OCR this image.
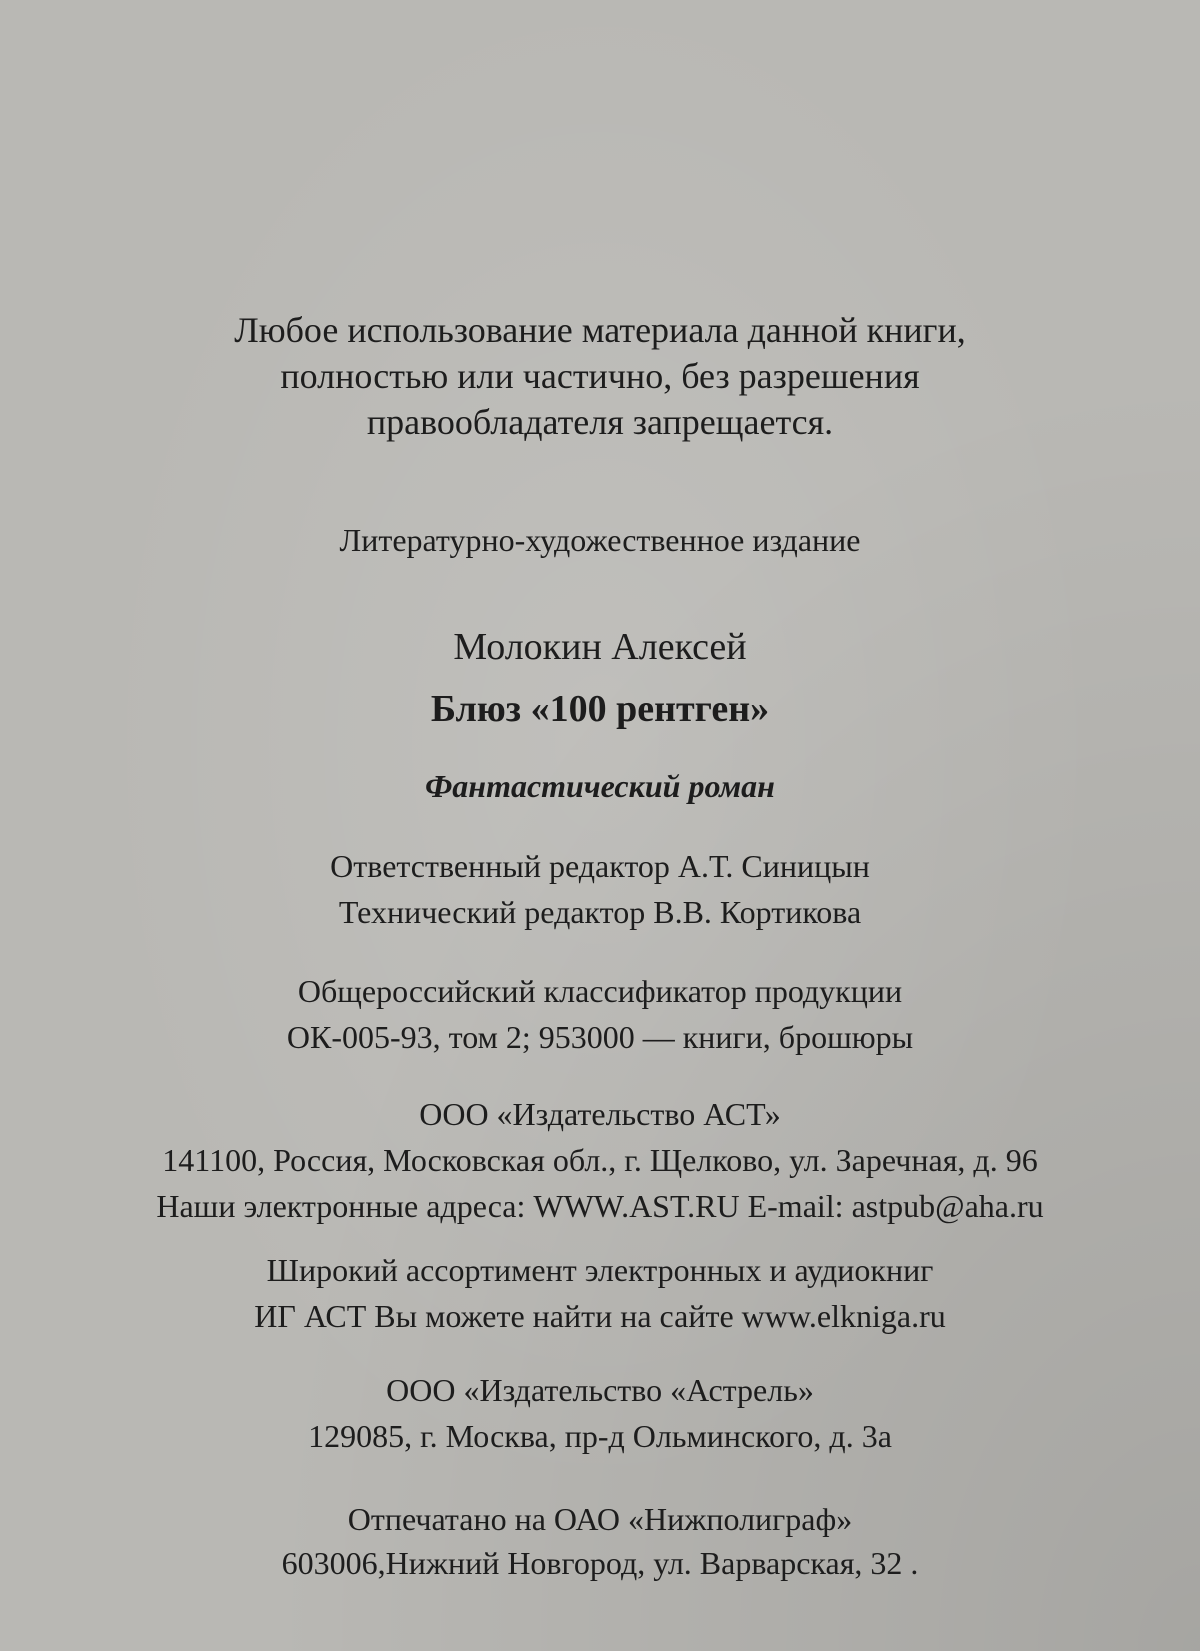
Любое использование материала данной книги,
полностью или частично, без разрешения
правообладателя запрещается.
Литературно-художественное издание
Молокин Алексей
Блюз «100 рентген»
Фантастический роман
Ответственный редактор А.Т. Синицын
Технический редактор В.В. Кортикова
Общероссийский классификатор продукции
ОК-005-93, том 2; 953000 — книги, брошюры
ООО «Издательство АСТ»
141100, Россия, Московская обл., г. Щелково, ул. Заречная, д. 96
Наши электронные адреса: WWW.AST.RU E-mail: astpub@aha.ru
Широкий ассортимент электронных и аудиокниг
ИГ АСТ Вы можете найти на сайте www.elkniga.ru
ООО «Издательство «Астрель»
129085, г. Москва, пр-д Ольминского, д. 3а
Отпечатано на ОАО «Нижполиграф»
603006,Нижний Новгород, ул. Варварская, 32 .
